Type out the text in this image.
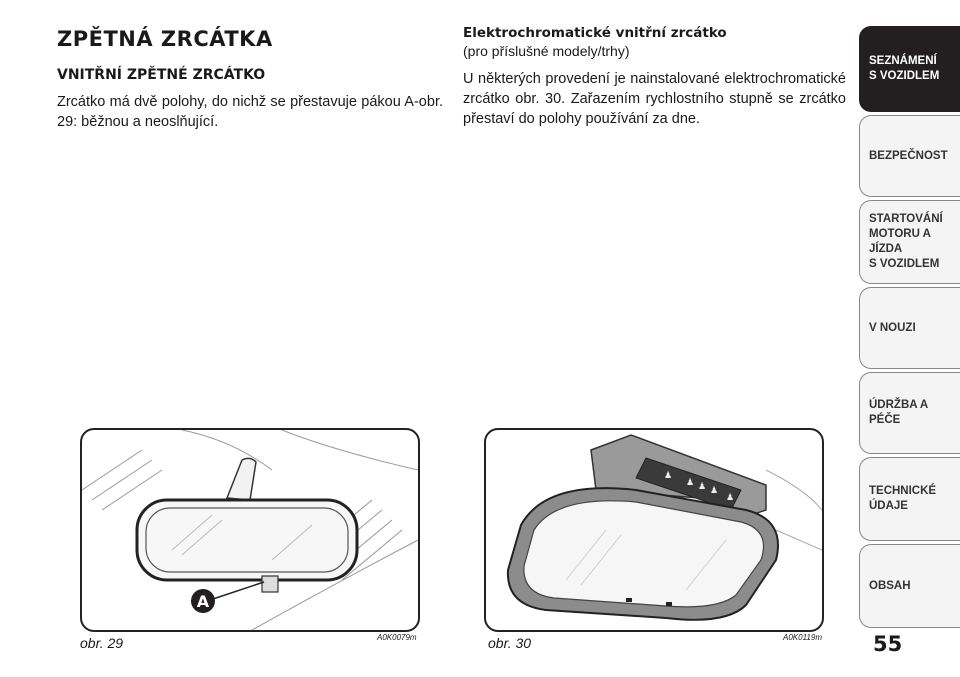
ZPĚTNÁ ZRCÁTKA
VNITŘNÍ ZPĚTNÉ ZRCÁTKO
Zrcátko má dvě polohy, do nichž se přestavuje pákou A-obr. 29: běžnou a neoslňující.
Elektrochromatické vnitřní zrcátko
(pro příslušné modely/trhy)
U některých provedení je nainstalované elektrochromatické zrcátko obr. 30. Zařazením rychlostního stupně se zrcátko přestaví do polohy používání za dne.
A
obr. 29	A0K0079m
♟
♟ ♟ ♟
♟
obr. 30	A0K0119m
SEZNÁMENÍ
S VOZIDLEM
BEZPEČNOST
STARTOVÁNÍ
MOTORU A JÍZDA
S VOZIDLEM
V NOUZI
ÚDRŽBA A PÉČE
TECHNICKÉ
ÚDAJE
OBSAH
55
